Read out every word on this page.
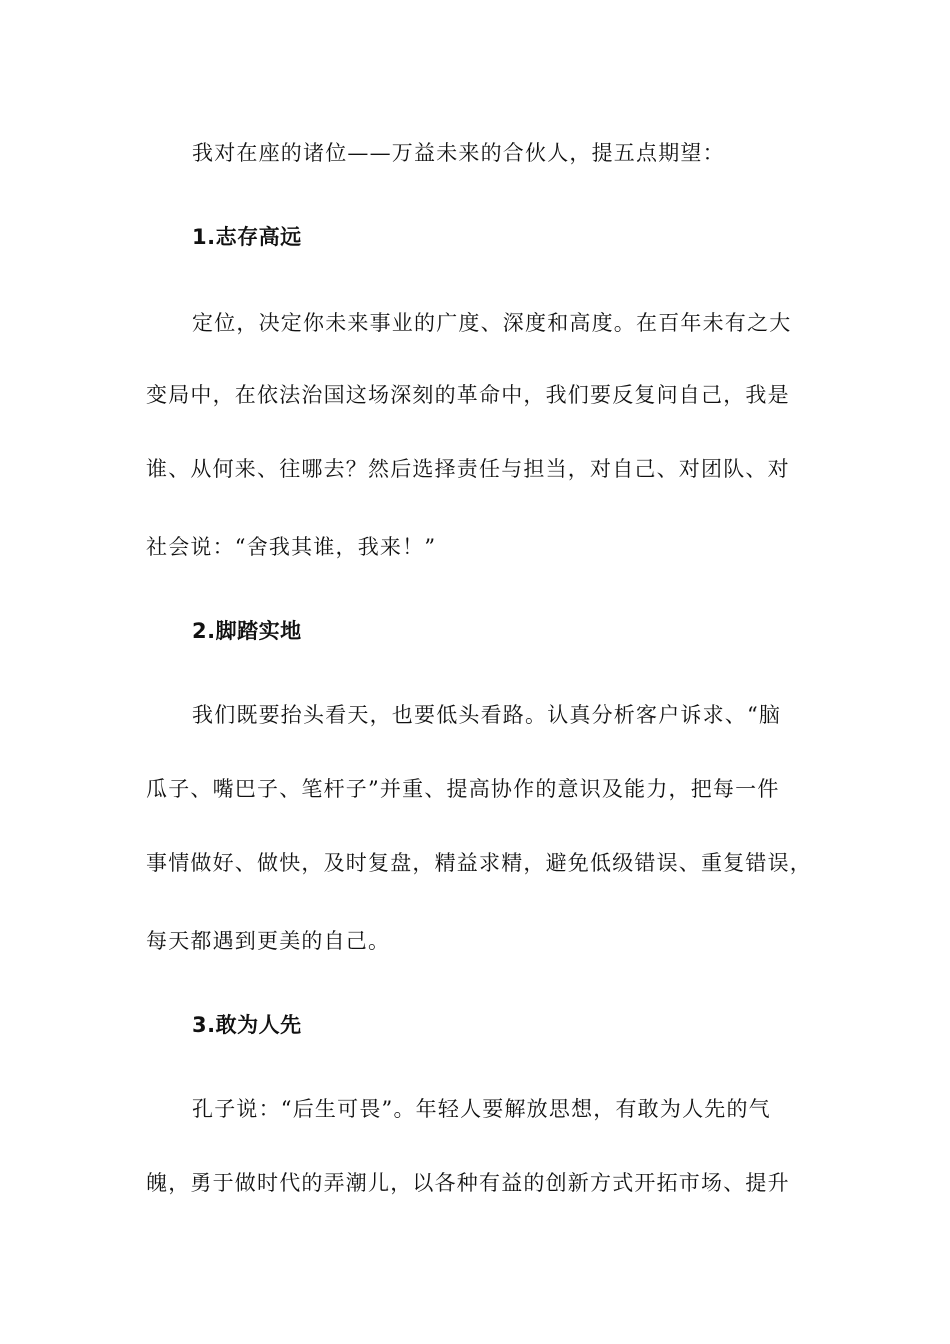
我对在座的诸位——万益未来的合伙人，提五点期望：
1.志存高远
定位，决定你未来事业的广度、深度和高度。在百年未有之大
变局中，在依法治国这场深刻的革命中，我们要反复问自己，我是
谁、从何来、往哪去？然后选择责任与担当，对自己、对团队、对
社会说：“舍我其谁，我来！”
2.脚踏实地
我们既要抬头看天，也要低头看路。认真分析客户诉求、“脑
瓜子、嘴巴子、笔杆子”并重、提高协作的意识及能力，把每一件
事情做好、做快，及时复盘，精益求精，避免低级错误、重复错误，
每天都遇到更美的自己。
3.敢为人先
孔子说：“后生可畏”。年轻人要解放思想，有敢为人先的气
魄，勇于做时代的弄潮儿，以各种有益的创新方式开拓市场、提升
